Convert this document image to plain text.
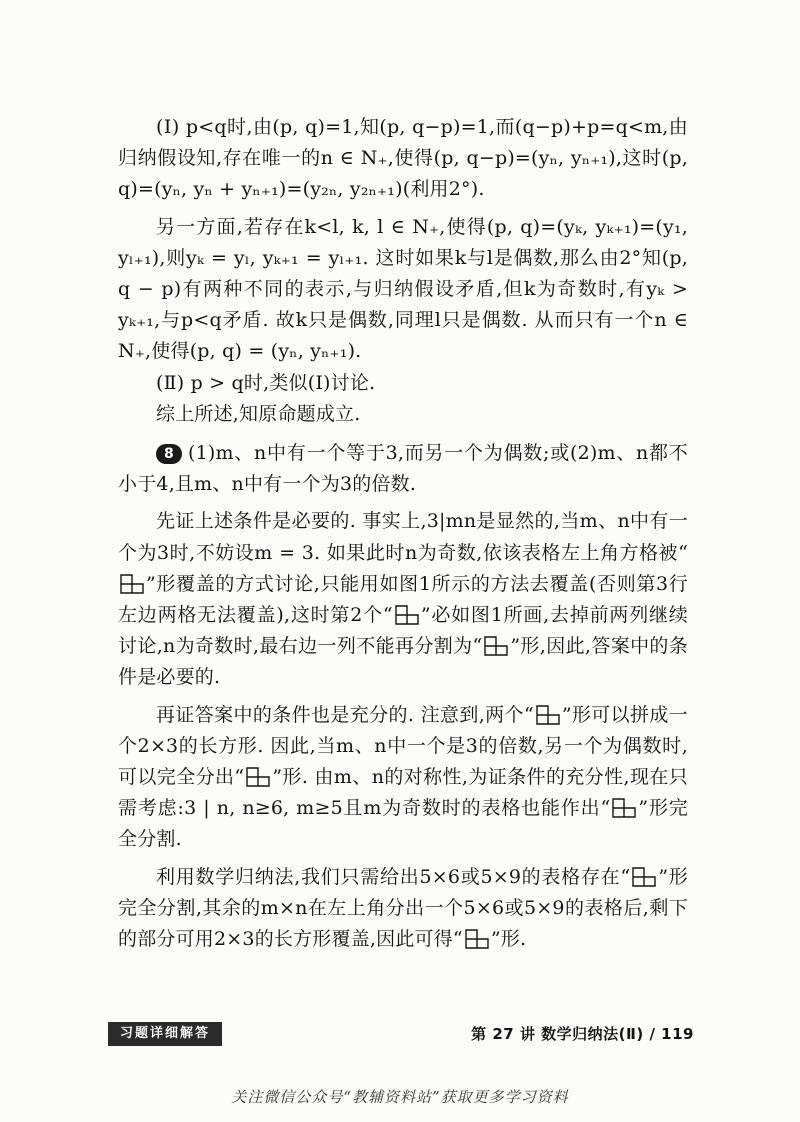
(Ⅰ) p<q时,由(p, q)=1,知(p, q−p)=1,而(q−p)+p=q<m,由归纳假设知,存在唯一的n ∈ N₊,使得(p, q−p)=(yₙ, yₙ₊₁),这时(p, q)=(yₙ, yₙ + yₙ₊₁)=(y₂ₙ, y₂ₙ₊₁)(利用2°).

另一方面,若存在k<l, k, l ∈ N₊,使得(p, q)=(yₖ, yₖ₊₁)=(y₁, yₗ₊₁),则yₖ = yₗ, yₖ₊₁ = yₗ₊₁. 这时如果k与l是偶数,那么由2°知(p, q − p)有两种不同的表示,与归纳假设矛盾,但k为奇数时,有yₖ > yₖ₊₁,与p<q矛盾. 故k只是偶数,同理l只是偶数. 从而只有一个n ∈ N₊,使得(p, q) = (yₙ, yₙ₊₁).

(Ⅱ) p > q时,类似(Ⅰ)讨论.

综上所述,知原命题成立.

8 (1)m、n中有一个等于3,而另一个为偶数;或(2)m、n都不小于4,且m、n中有一个为3的倍数.

先证上述条件是必要的. 事实上,3|mn是显然的,当m、n中有一个为3时,不妨设m = 3. 如果此时n为奇数,依该表格左上角方格被“”形覆盖的方式讨论,只能用如图1所示的方法去覆盖(否则第3行左边两格无法覆盖),这时第2个“ ”必如图1所画,去掉前两列继续讨论,n为奇数时,最右边一列不能再分割为“ ”形,因此,答案中的条件是必要的.

再证答案中的条件也是充分的. 注意到,两个“ ”形可以拼成一个2×3的长方形. 因此,当m、n中一个是3的倍数,另一个为偶数时,可以完全分出“ ”形. 由m、n的对称性,为证条件的充分性,现在只需考虑:3 | n, n≥6, m≥5且m为奇数时的表格也能作出“ ”形完全分割.

利用数学归纳法,我们只需给出5×6或5×9的表格存在“ ”形完全分割,其余的m×n在左上角分出一个5×6或5×9的表格后,剩下的部分可用2×3的长方形覆盖,因此可得“ ”形.

习题详细解答	第 27 讲 数学归纳法(Ⅱ) / 119
关注微信公众号“教辅资料站”获取更多学习资料
